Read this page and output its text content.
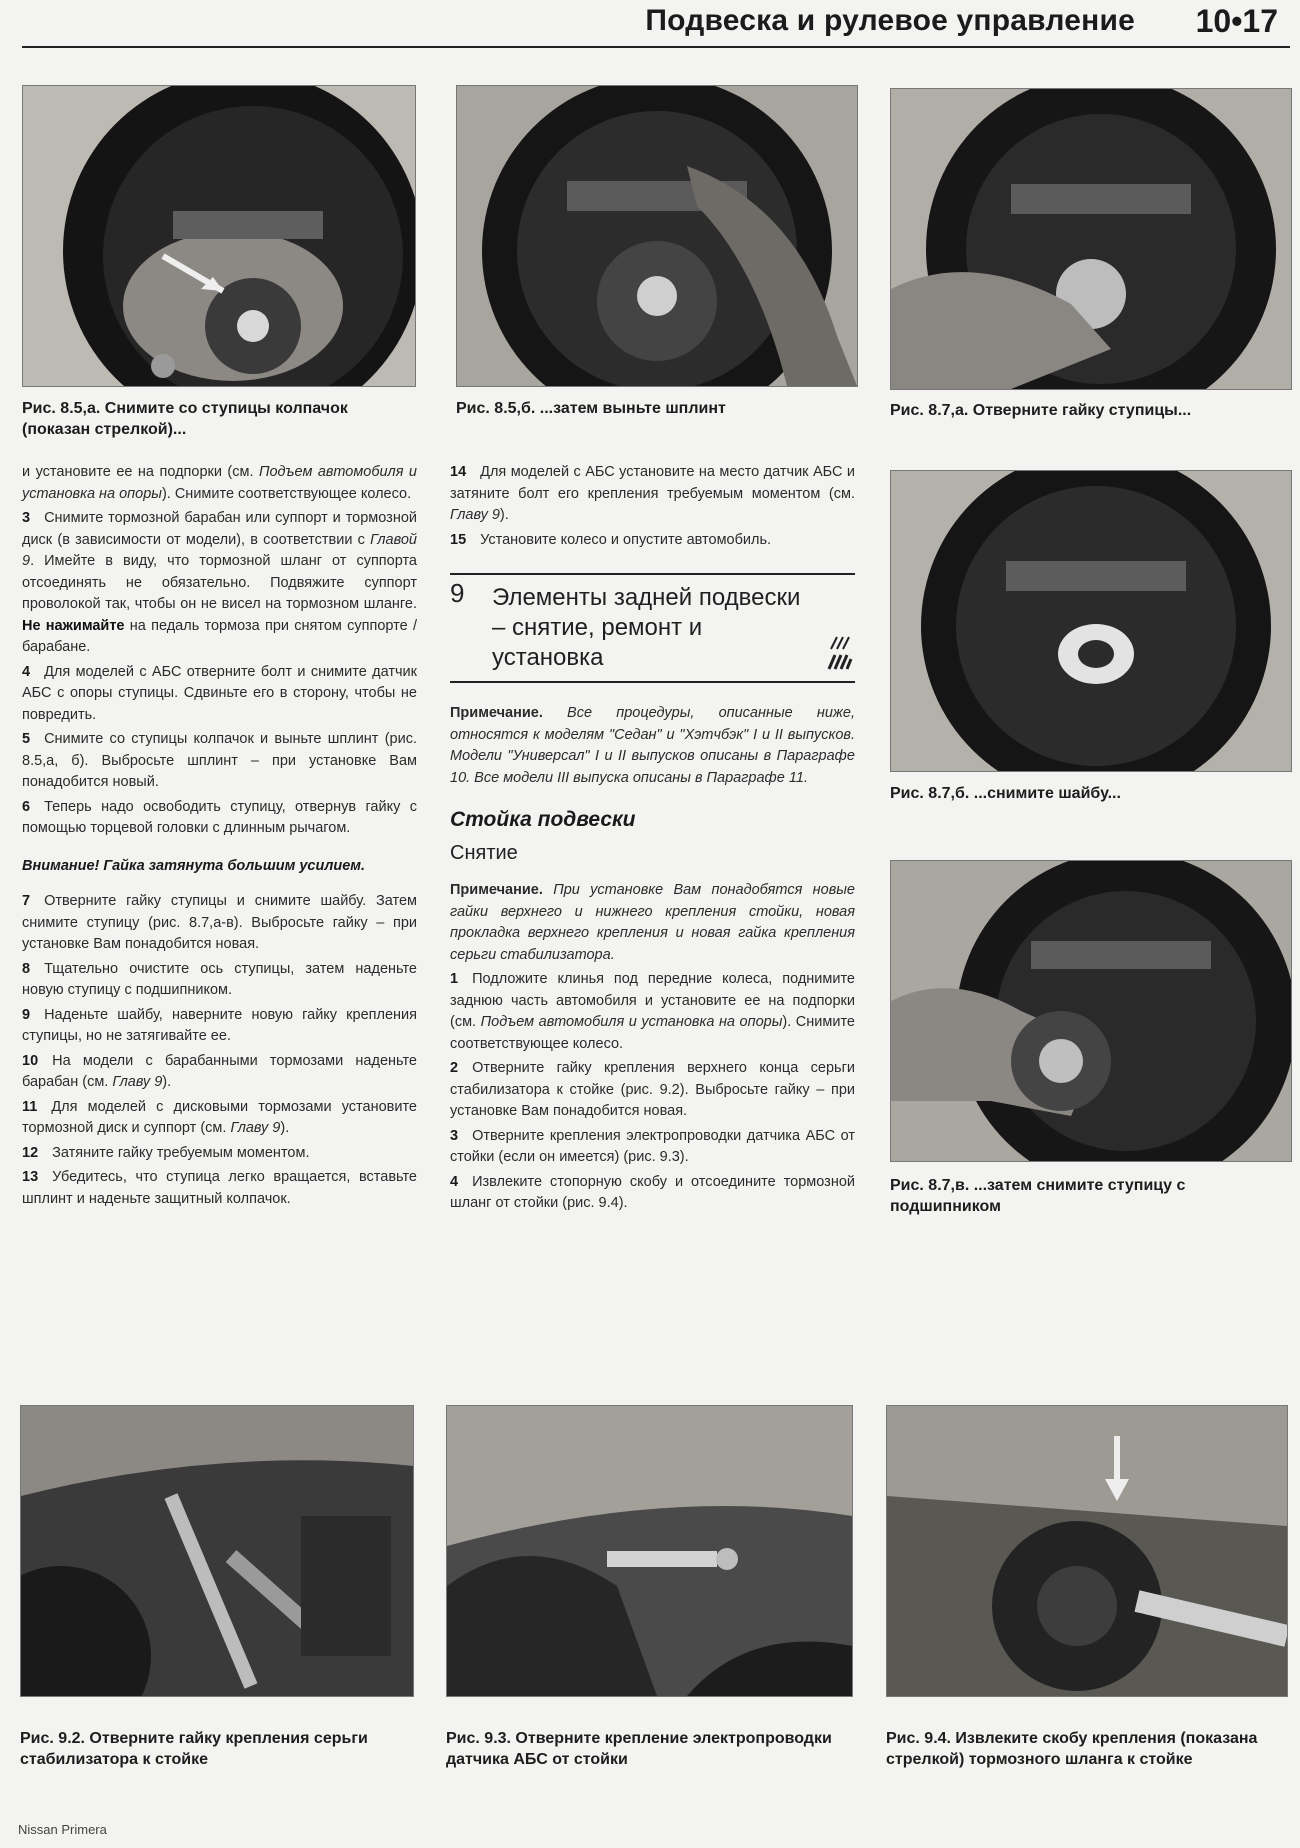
Подвеска и рулевое управление 10•17
Рис. 8.5,а. Снимите со ступицы колпачок (показан стрелкой)...
Рис. 8.5,б. ...затем выньте шплинт	Рис. 8.7,а. Отверните гайку ступицы...
Рис. 8.7,б. ...снимите шайбу...
Рис. 8.7,в. ...затем снимите ступицу с подшипником

и установите ее на подпорки (см. Подъем автомобиля и установка на опоры). Снимите соответствующее колесо.

3 Снимите тормозной барабан или суппорт и тормозной диск (в зависимости от модели), в соответствии с Главой 9. Имейте в виду, что тормозной шланг от суппорта отсоединять не обязательно. Подвяжите суппорт проволокой так, чтобы он не висел на тормозном шланге. Не нажимайте на педаль тормоза при снятом суппорте / барабане.

4 Для моделей с АБС отверните болт и снимите датчик АБС с опоры ступицы. Сдвиньте его в сторону, чтобы не повредить.

5 Снимите со ступицы колпачок и выньте шплинт (рис. 8.5,а, б). Выбросьте шплинт – при установке Вам понадобится новый.

6 Теперь надо освободить ступицу, отвернув гайку с помощью торцевой головки с длинным рычагом.

Внимание! Гайка затянута большим усилием.

7 Отверните гайку ступицы и снимите шайбу. Затем снимите ступицу (рис. 8.7,а-в). Выбросьте гайку – при установке Вам понадобится новая.

8 Тщательно очистите ось ступицы, затем наденьте новую ступицу с подшипником.

9 Наденьте шайбу, наверните новую гайку крепления ступицы, но не затягивайте ее.

10 На модели с барабанными тормозами наденьте барабан (см. Главу 9).

11 Для моделей с дисковыми тормозами установите тормозной диск и суппорт (см. Главу 9).

12 Затяните гайку требуемым моментом.

13 Убедитесь, что ступица легко вращается, вставьте шплинт и наденьте защитный колпачок.

14 Для моделей с АБС установите на место датчик АБС и затяните болт его крепления требуемым моментом (см. Главу 9).

15 Установите колесо и опустите автомобиль.

9 Элементы задней подвески – снятие, ремонт и установка

Примечание. Все процедуры, описанные ниже, относятся к моделям "Седан" и "Хэтчбэк" I и II выпусков. Модели "Универсал" I и II выпусков описаны в Параграфе 10. Все модели III выпуска описаны в Параграфе 11.

Стойка подвески
Снятие

Примечание. При установке Вам понадобятся новые гайки верхнего и нижнего крепления стойки, новая прокладка верхнего крепления и новая гайка крепления серьги стабилизатора.

1 Подложите клинья под передние колеса, поднимите заднюю часть автомобиля и установите ее на подпорки (см. Подъем автомобиля и установка на опоры). Снимите соответствующее колесо.

2 Отверните гайку крепления верхнего конца серьги стабилизатора к стойке (рис. 9.2). Выбросьте гайку – при установке Вам понадобится новая.

3 Отверните крепления электропроводки датчика АБС от стойки (если он имеется) (рис. 9.3).

4 Извлеките стопорную скобу и отсоедините тормозной шланг от стойки (рис. 9.4).

Рис. 9.2. Отверните гайку крепления серьги стабилизатора к стойке
Рис. 9.3. Отверните крепление электропроводки датчика АБС от стойки
Рис. 9.4. Извлеките скобу крепления (показана стрелкой) тормозного шланга к стойке
Nissan Primera
